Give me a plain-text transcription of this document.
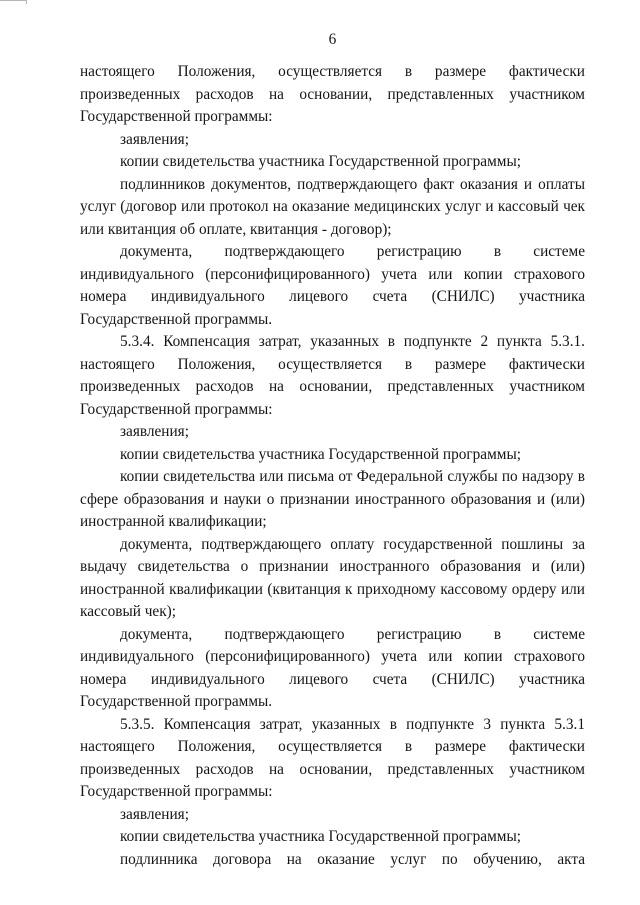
6

настоящего Положения, осуществляется в размере фактически произведенных расходов на основании, представленных участником Государственной программы:

заявления;

копии свидетельства участника Государственной программы;

подлинников документов, подтверждающего факт оказания и оплаты услуг (договор или протокол на оказание медицинских услуг и кассовый чек или квитанция об оплате, квитанция - договор);

документа, подтверждающего регистрацию в системе индивидуального (персонифицированного) учета или копии страхового номера индивидуального лицевого счета (СНИЛС) участника Государственной программы.

5.3.4. Компенсация затрат, указанных в подпункте 2 пункта 5.3.1. настоящего Положения, осуществляется в размере фактически произведенных расходов на основании, представленных участником Государственной программы:

заявления;

копии свидетельства участника Государственной программы;

копии свидетельства или письма от Федеральной службы по надзору в сфере образования и науки о признании иностранного образования и (или) иностранной квалификации;

документа, подтверждающего оплату государственной пошлины за выдачу свидетельства о признании иностранного образования и (или) иностранной квалификации (квитанция к приходному кассовому ордеру или кассовый чек);

документа, подтверждающего регистрацию в системе индивидуального (персонифицированного) учета или копии страхового номера индивидуального лицевого счета (СНИЛС) участника Государственной программы.

5.3.5. Компенсация затрат, указанных в подпункте 3 пункта 5.3.1 настоящего Положения, осуществляется в размере фактически произведенных расходов на основании, представленных участником Государственной программы:

заявления;

копии свидетельства участника Государственной программы;

подлинника договора на оказание услуг по обучению, акта
